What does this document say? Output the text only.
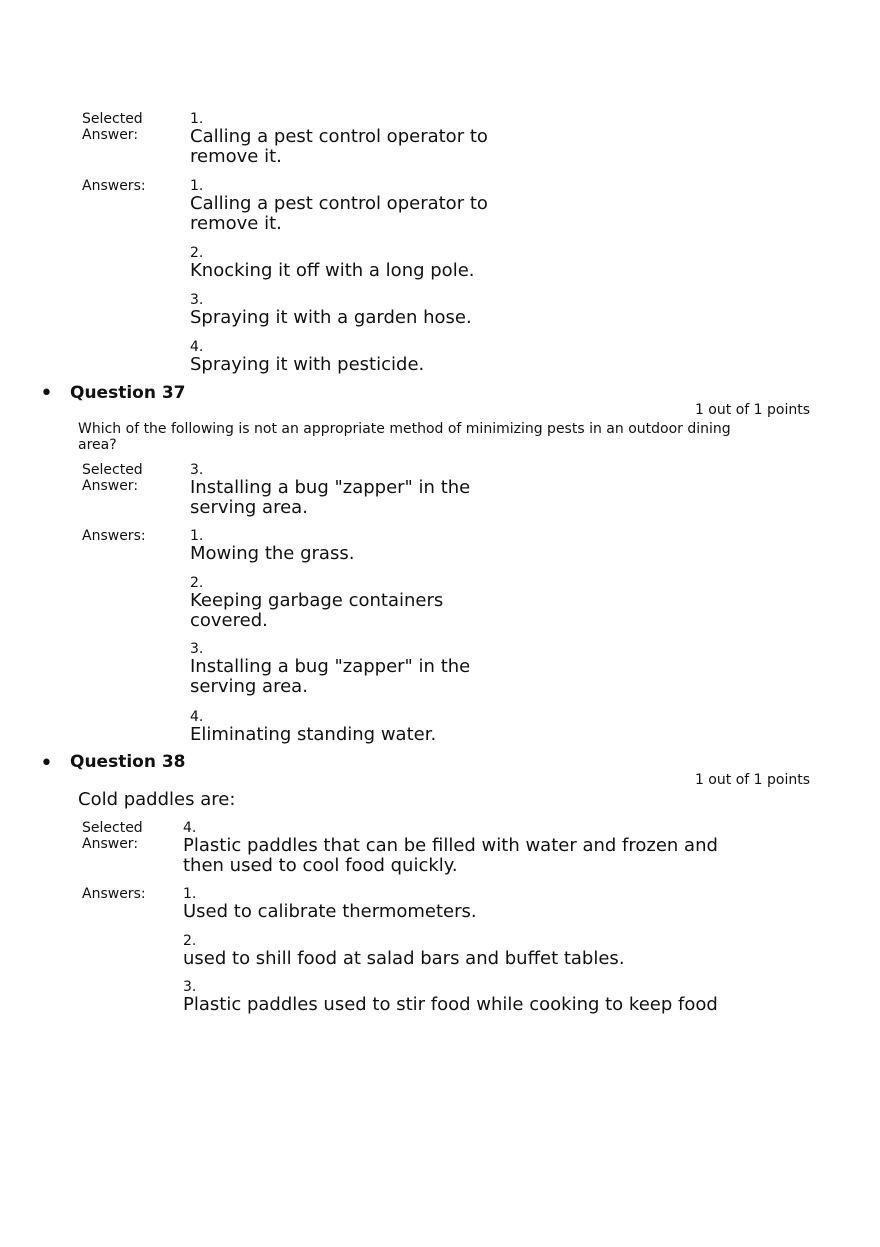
Selected
Answer:
1.
Calling a pest control operator to
remove it.
Answers:	1.
Calling a pest control operator to
remove it.
2.
Knocking it off with a long pole.
3.
Spraying it with a garden hose.
4.
Spraying it with pesticide.
• Question 37
1 out of 1 points
Which of the following is not an appropriate method of minimizing pests in an outdoor dining
area?
Selected
Answer:
3.
Installing a bug "zapper" in the
serving area.
Answers:	1.
Mowing the grass.
2.
Keeping garbage containers
covered.
3.
Installing a bug "zapper" in the
serving area.
4.
Eliminating standing water.
• Question 38
1 out of 1 points
Cold paddles are:
Selected
Answer:
4.
Plastic paddles that can be filled with water and frozen and
then used to cool food quickly.
Answers:	1.
Used to calibrate thermometers.
2.
used to shill food at salad bars and buffet tables.
3.
Plastic paddles used to stir food while cooking to keep food
